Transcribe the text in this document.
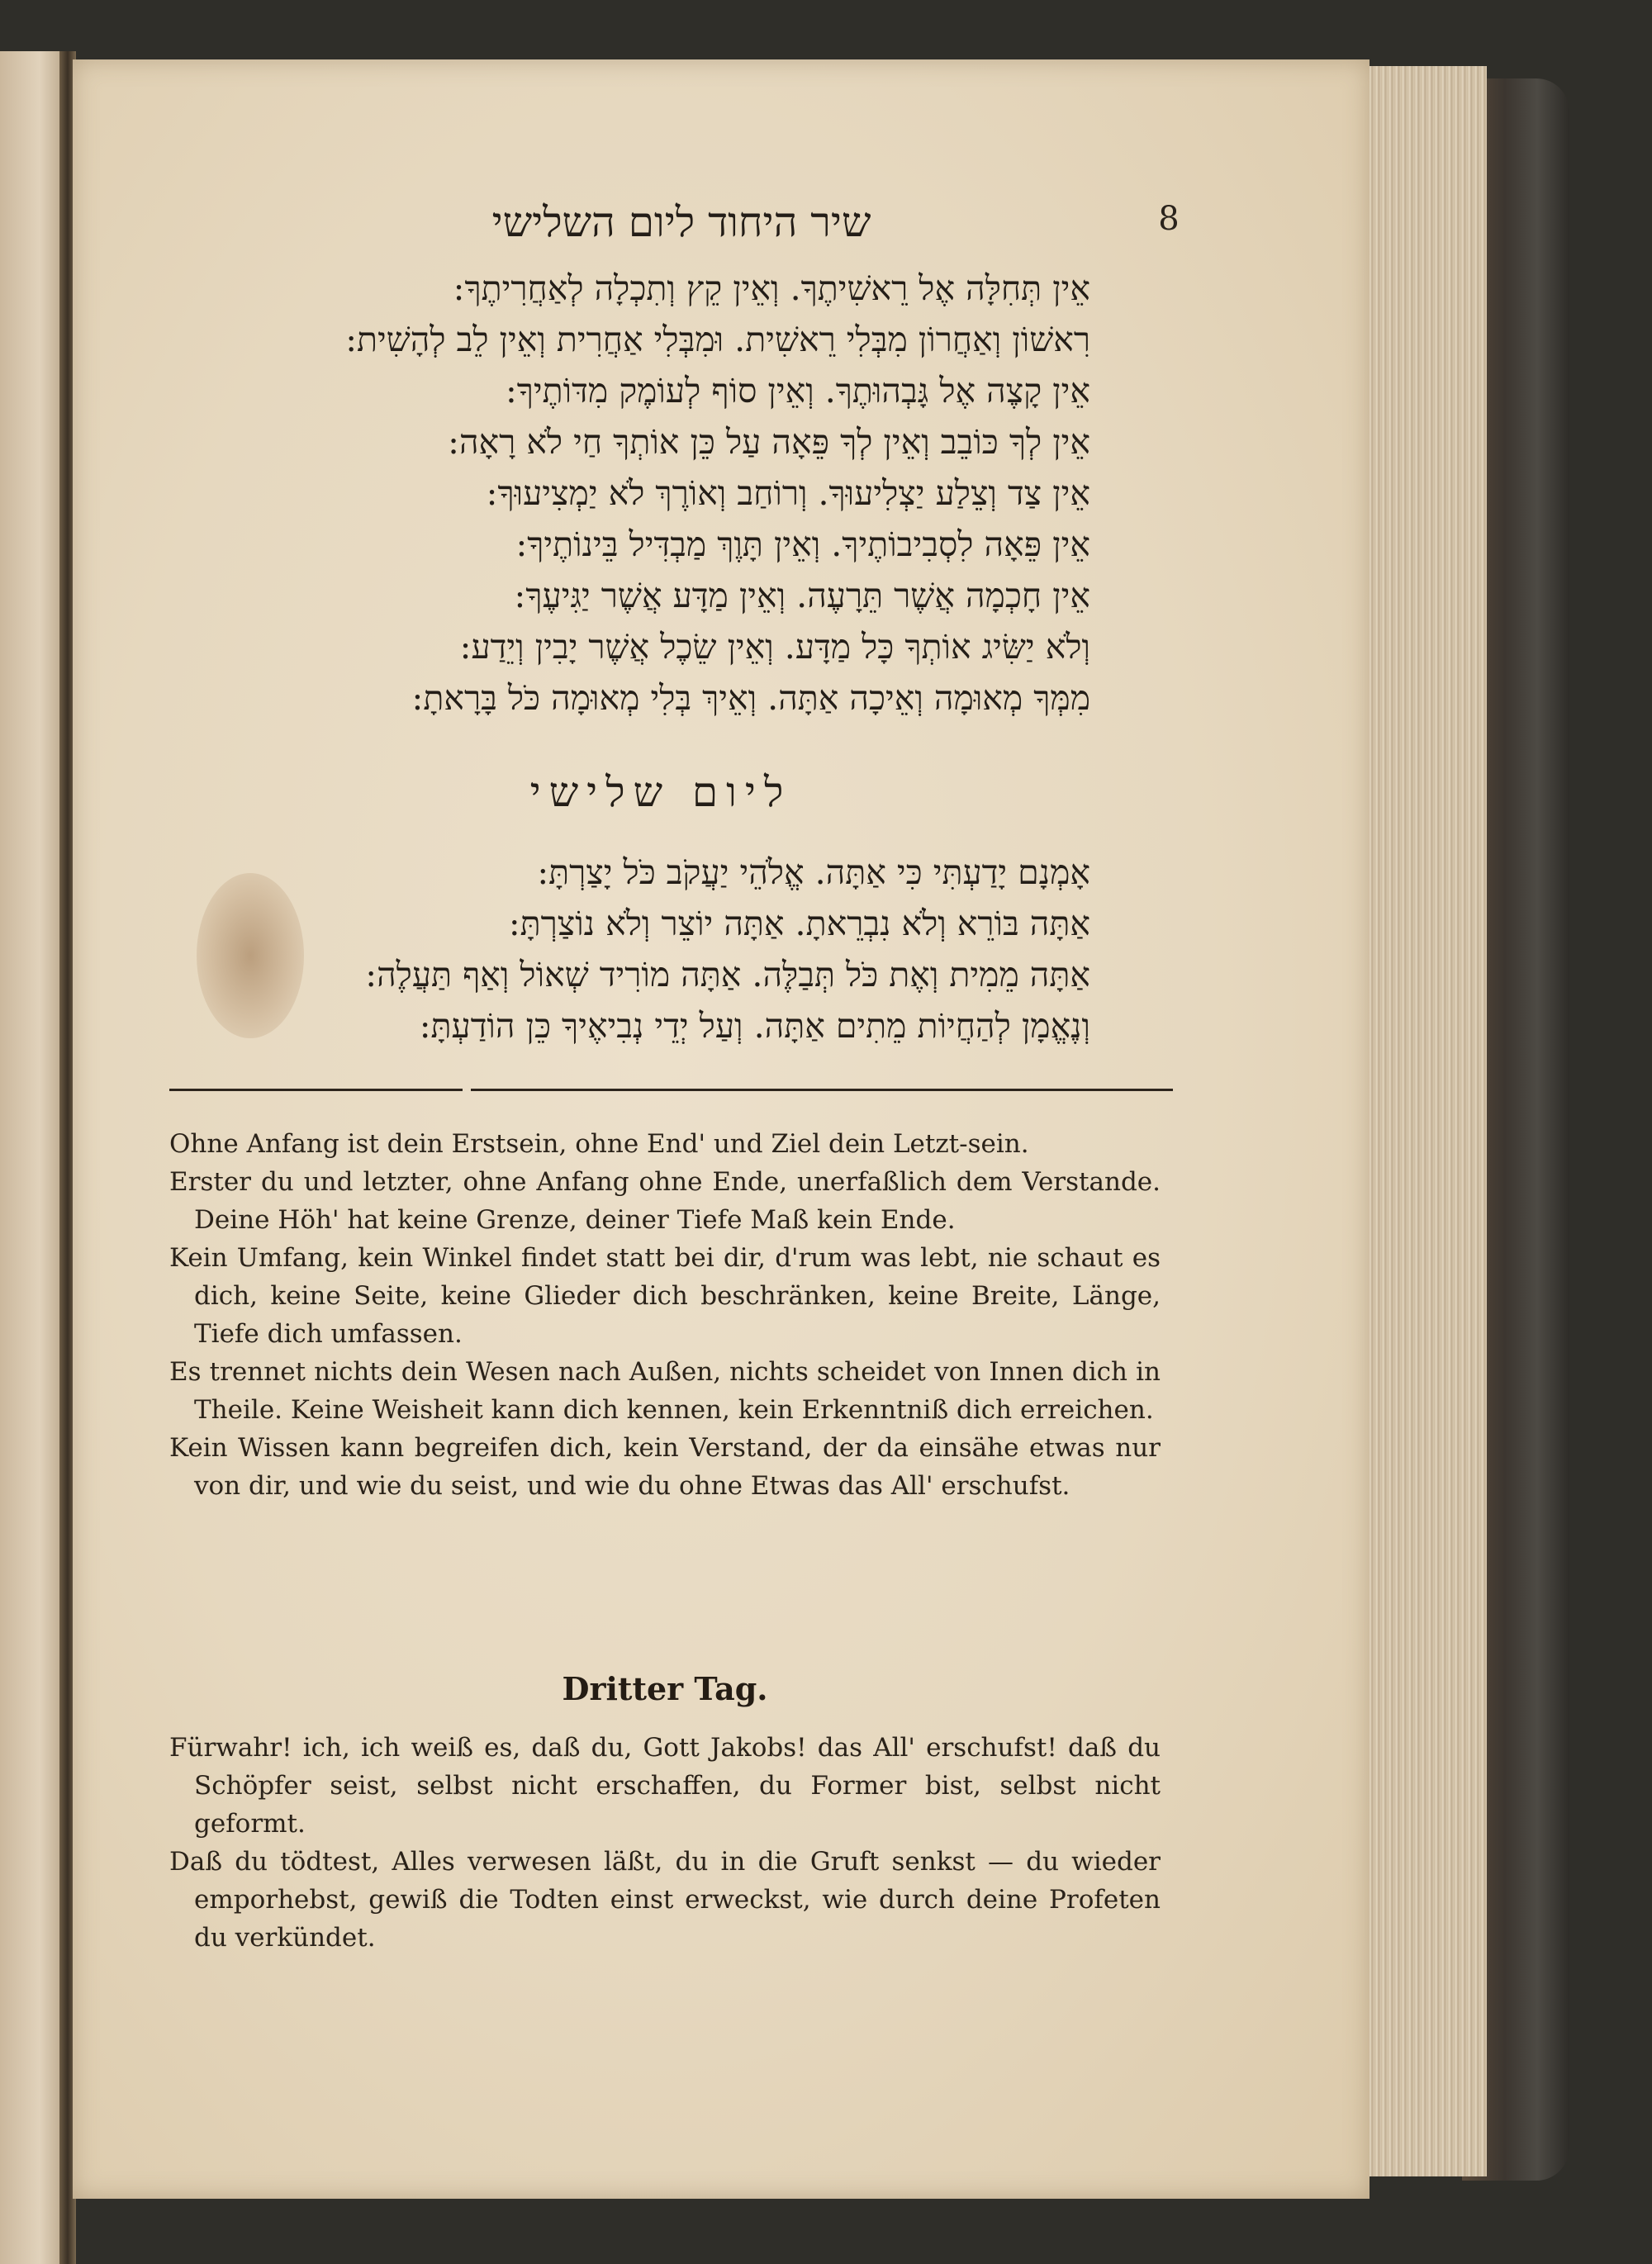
שיר היחוד ליום השלישי	8
אֵין תְּחִלָּה אֶל רֵאשִׁיתֶךָ. וְאֵין קֵץ וְתִכְלָה לְאַחֲרִיתֶךָ:
רִאשׁוֹן וְאַחֲרוֹן מִבְּלִי רֵאשִׁית. וּמִבְּלִי אַחֲרִית וְאֵין לֵב לְהָשִׁית:
אֵין קָצֶה אֶל גָּבְהוּתֶךָ. וְאֵין סוֹף לְעוֹמֶק מִדּוֹתֶיךָ:
אֵין לְךָ כּוֹבֵב וְאֵין לְךָ פֵּאָה עַל כֵּן אוֹתְךָ חַי לֹא רָאָה:
אֵין צַד וְצֵלַע יַצְלִיעוּךָ. וְרוֹחַב וְאוֹרֶךְ לֹא יַמְצִיעוּךָ:
אֵין פֵּאָה לִסְבִיבוֹתֶיךָ. וְאֵין תָּוֶךְ מַבְדִּיל בֵּינוֹתֶיךָ:
אֵין חָכְמָה אֲשֶׁר תֵּרָעֶה. וְאֵין מַדָּע אֲשֶׁר יַגִּיעֶךָ:
וְלֹא יַשִּׂיג אוֹתְךָ כָּל מַדָּע. וְאֵין שֵׂכֶל אֲשֶׁר יָבִין וְיֵדַע:
מִמְּךָ מְאוּמָה וְאֵיכָה אַתָּה. וְאֵיךְ בְּלִי מְאוּמָה כֹּל בָּרָאתָ:
ליום שלישי
אָמְנָם יָדַעְתִּי כִּי אַתָּה. אֱלֹהֵי יַעֲקֹב כֹּל יָצַרְתָּ:
אַתָּה בּוֹרֵא וְלֹא נִבְרֵאתָ. אַתָּה יוֹצֵר וְלֹא נוֹצַרְתָּ:
אַתָּה מֵמִית וְאֶת כֹּל תְּבַלֶּה. אַתָּה מוֹרִיד שְׁאוֹל וְאַף תַּעֲלֶה:
וְנֶאֱמָן לְהַחֲיוֹת מֵתִים אַתָּה. וְעַל יְדֵי נְבִיאֶיךָ כֵּן הוֹדַעְתָּ:

Ohne Anfang ist dein Erstsein, ohne End' und Ziel dein Letzt-sein.

Erster du und letzter, ohne Anfang ohne Ende, unerfaßlich dem Verstande. Deine Höh' hat keine Grenze, deiner Tiefe Maß kein Ende.

Kein Umfang, kein Winkel findet statt bei dir, d'rum was lebt, nie schaut es dich, keine Seite, keine Glieder dich beschränken, keine Breite, Länge, Tiefe dich umfassen.

Es trennet nichts dein Wesen nach Außen, nichts scheidet von Innen dich in Theile. Keine Weisheit kann dich kennen, kein Erkenntniß dich erreichen.

Kein Wissen kann begreifen dich, kein Verstand, der da einsähe etwas nur von dir, und wie du seist, und wie du ohne Etwas das All' erschufst.

Dritter Tag.

Fürwahr! ich, ich weiß es, daß du, Gott Jakobs! das All' erschufst! daß du Schöpfer seist, selbst nicht erschaffen, du Former bist, selbst nicht geformt.

Daß du tödtest, Alles verwesen läßt, du in die Gruft senkst — du wieder emporhebst, gewiß die Todten einst erweckst, wie durch deine Profeten du verkündet.
